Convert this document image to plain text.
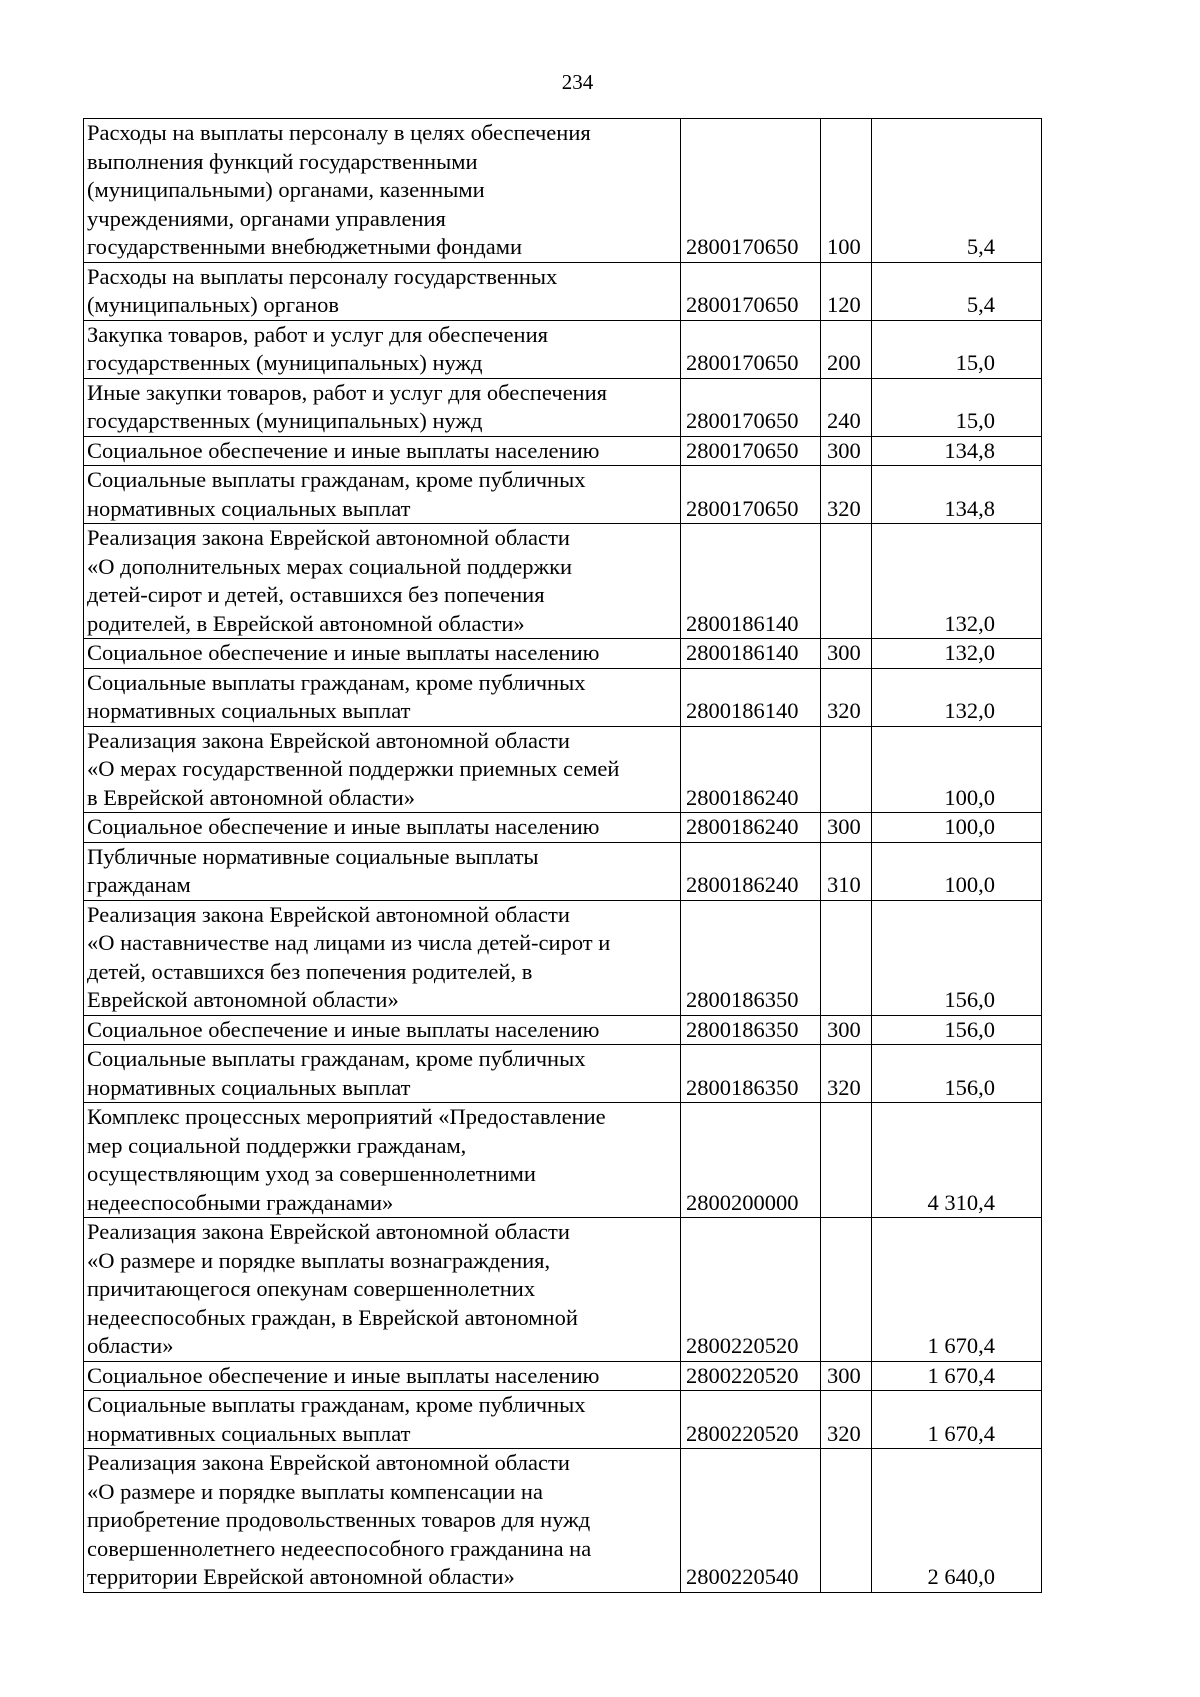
234
Расходы на выплаты персоналу в целях обеспечения
выполнения функций государственными
(муниципальными) органами, казенными
учреждениями, органами управления
государственными внебюджетными фондами	2800170650	100	5,4
Расходы на выплаты персоналу государственных
(муниципальных) органов	2800170650	120	5,4
Закупка товаров, работ и услуг для обеспечения
государственных (муниципальных) нужд	2800170650	200	15,0
Иные закупки товаров, работ и услуг для обеспечения
государственных (муниципальных) нужд	2800170650	240	15,0
Социальное обеспечение и иные выплаты населению	2800170650	300	134,8
Социальные выплаты гражданам, кроме публичных
нормативных социальных выплат	2800170650	320	134,8
Реализация закона Еврейской автономной области
«О дополнительных мерах социальной поддержки
детей-сирот и детей, оставшихся без попечения
родителей, в Еврейской автономной области»	2800186140		132,0
Социальное обеспечение и иные выплаты населению	2800186140	300	132,0
Социальные выплаты гражданам, кроме публичных
нормативных социальных выплат	2800186140	320	132,0
Реализация закона Еврейской автономной области
«О мерах государственной поддержки приемных семей
в Еврейской автономной области»	2800186240		100,0
Социальное обеспечение и иные выплаты населению	2800186240	300	100,0
Публичные нормативные социальные выплаты
гражданам	2800186240	310	100,0
Реализация закона Еврейской автономной области
«О наставничестве над лицами из числа детей-сирот и
детей, оставшихся без попечения родителей, в
Еврейской автономной области»	2800186350		156,0
Социальное обеспечение и иные выплаты населению	2800186350	300	156,0
Социальные выплаты гражданам, кроме публичных
нормативных социальных выплат	2800186350	320	156,0
Комплекс процессных мероприятий «Предоставление
мер социальной поддержки гражданам,
осуществляющим уход за совершеннолетними
недееспособными гражданами»	2800200000		4 310,4
Реализация закона Еврейской автономной области
«О размере и порядке выплаты вознаграждения,
причитающегося опекунам совершеннолетних
недееспособных граждан, в Еврейской автономной
области»	2800220520		1 670,4
Социальное обеспечение и иные выплаты населению	2800220520	300	1 670,4
Социальные выплаты гражданам, кроме публичных
нормативных социальных выплат	2800220520	320	1 670,4
Реализация закона Еврейской автономной области
«О размере и порядке выплаты компенсации на
приобретение продовольственных товаров для нужд
совершеннолетнего недееспособного гражданина на
территории Еврейской автономной области»	2800220540		2 640,0
